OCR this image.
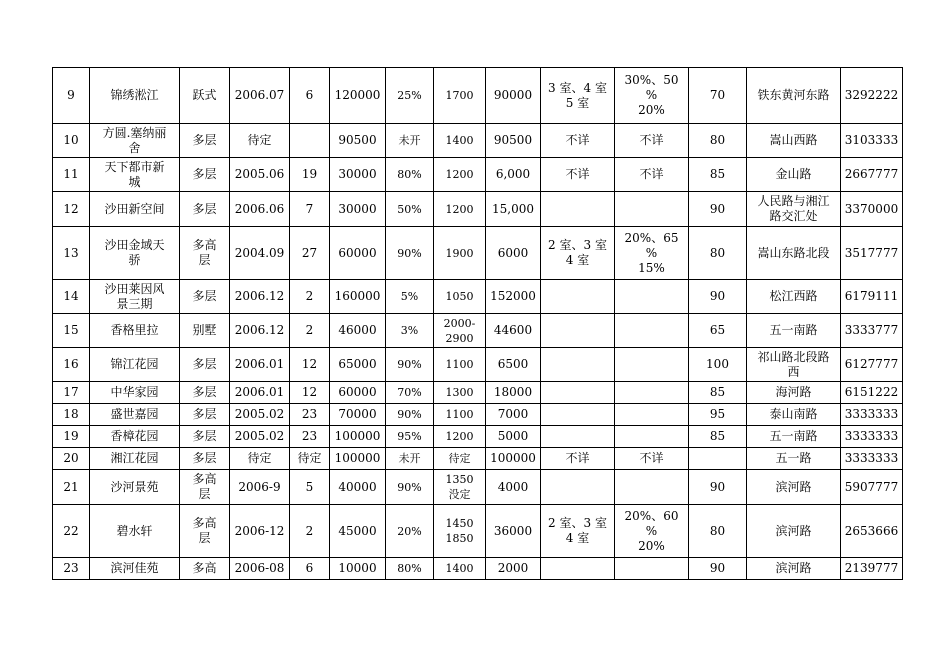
9	锦绣淞江	跃式	2006.07	6	120000	25%	1700	90000	3 室、4 室
5 室	30%、50
%
20%	70	铁东黄河东路	3292222
10	方圆.塞纳丽
舍	多层	待定		90500	未开	1400	90500	不详	不详	80	嵩山西路	3103333
11	天下都市新
城	多层	2005.06	19	30000	80%	1200	6,000	不详	不详	85	金山路	2667777
12	沙田新空间	多层	2006.06	7	30000	50%	1200	15,000			90	人民路与湘江
路交汇处	3370000
13	沙田金域天
骄	多高
层	2004.09	27	60000	90%	1900	6000	2 室、3 室
4 室	20%、65
%
15%	80	嵩山东路北段	3517777
14	沙田莱因风
景三期	多层	2006.12	2	160000	5%	1050	152000			90	松江西路	6179111
15	香格里拉	别墅	2006.12	2	46000	3%	2000-
2900	44600			65	五一南路	3333777
16	锦江花园	多层	2006.01	12	65000	90%	1100	6500			100	祁山路北段路
西	6127777
17	中华家园	多层	2006.01	12	60000	70%	1300	18000			85	海河路	6151222
18	盛世嘉园	多层	2005.02	23	70000	90%	1100	7000			95	泰山南路	3333333
19	香樟花园	多层	2005.02	23	100000	95%	1200	5000			85	五一南路	3333333
20	湘江花园	多层	待定	待定	100000	未开	待定	100000	不详	不详		五一路	3333333
21	沙河景苑	多高
层	2006-9	5	40000	90%	1350
没定	4000			90	滨河路	5907777
22	碧水轩	多高
层	2006-12	2	45000	20%	1450
1850	36000	2 室、3 室
4 室	20%、60
%
20%	80	滨河路	2653666
23	滨河佳苑	多高	2006-08	6	10000	80%	1400	2000			90	滨河路	2139777
